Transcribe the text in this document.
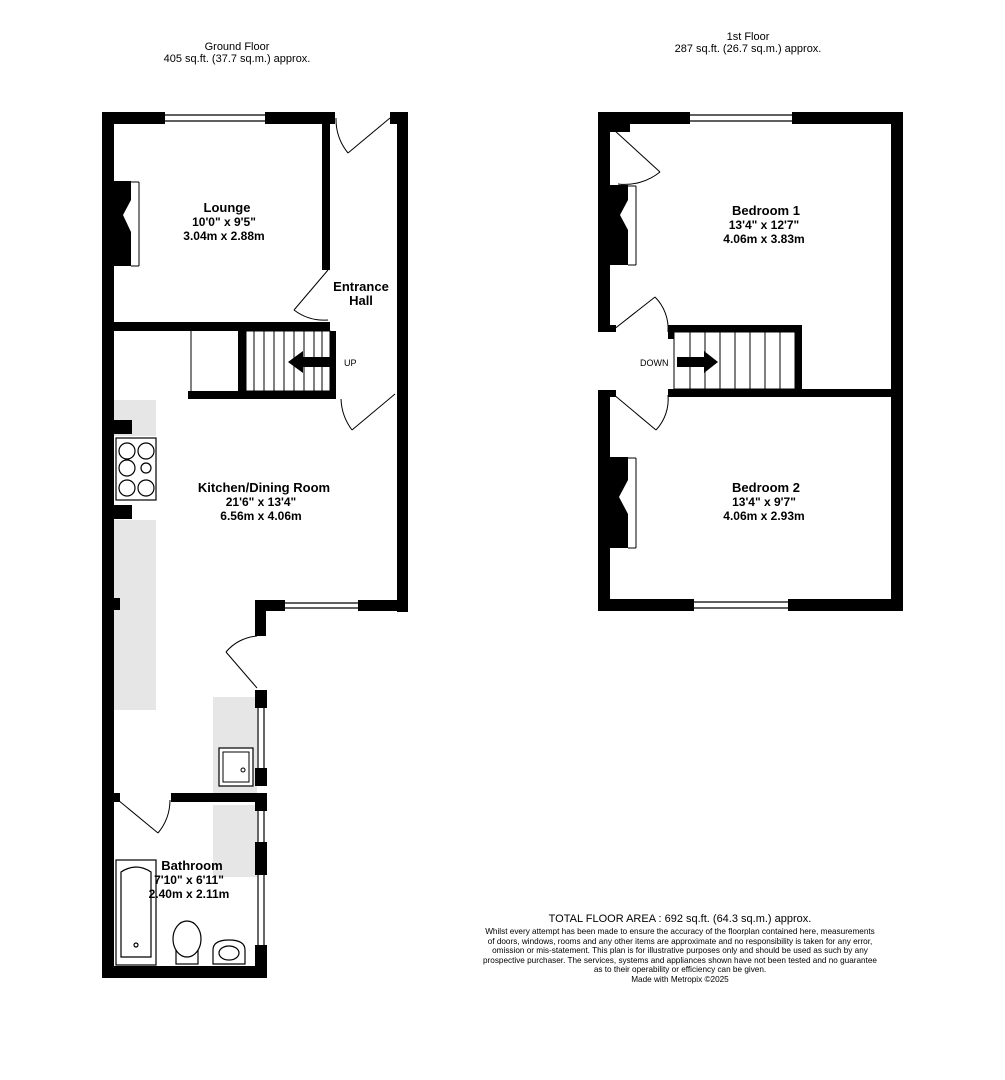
Ground Floor
405 sq.ft. (37.7 sq.m.) approx.
1st Floor
287 sq.ft. (26.7 sq.m.) approx.
UP
Lounge
10'0" x 9'5"
3.04m x 2.88m
Entrance
Hall
Kitchen/Dining Room
21'6" x 13'4"
6.56m x 4.06m
Bathroom
7'10" x 6'11"
2.40m x 2.11m
DOWN
Bedroom 1
13'4" x 12'7"
4.06m x 3.83m
Bedroom 2
13'4" x 9'7"
4.06m x 2.93m
TOTAL FLOOR AREA : 692 sq.ft. (64.3 sq.m.) approx.
Whilst every attempt has been made to ensure the accuracy of the floorplan contained here, measurements
of doors, windows, rooms and any other items are approximate and no responsibility is taken for any error,
omission or mis-statement. This plan is for illustrative purposes only and should be used as such by any
prospective purchaser. The services, systems and appliances shown have not been tested and no guarantee
as to their operability or efficiency can be given.
Made with Metropix ©2025
